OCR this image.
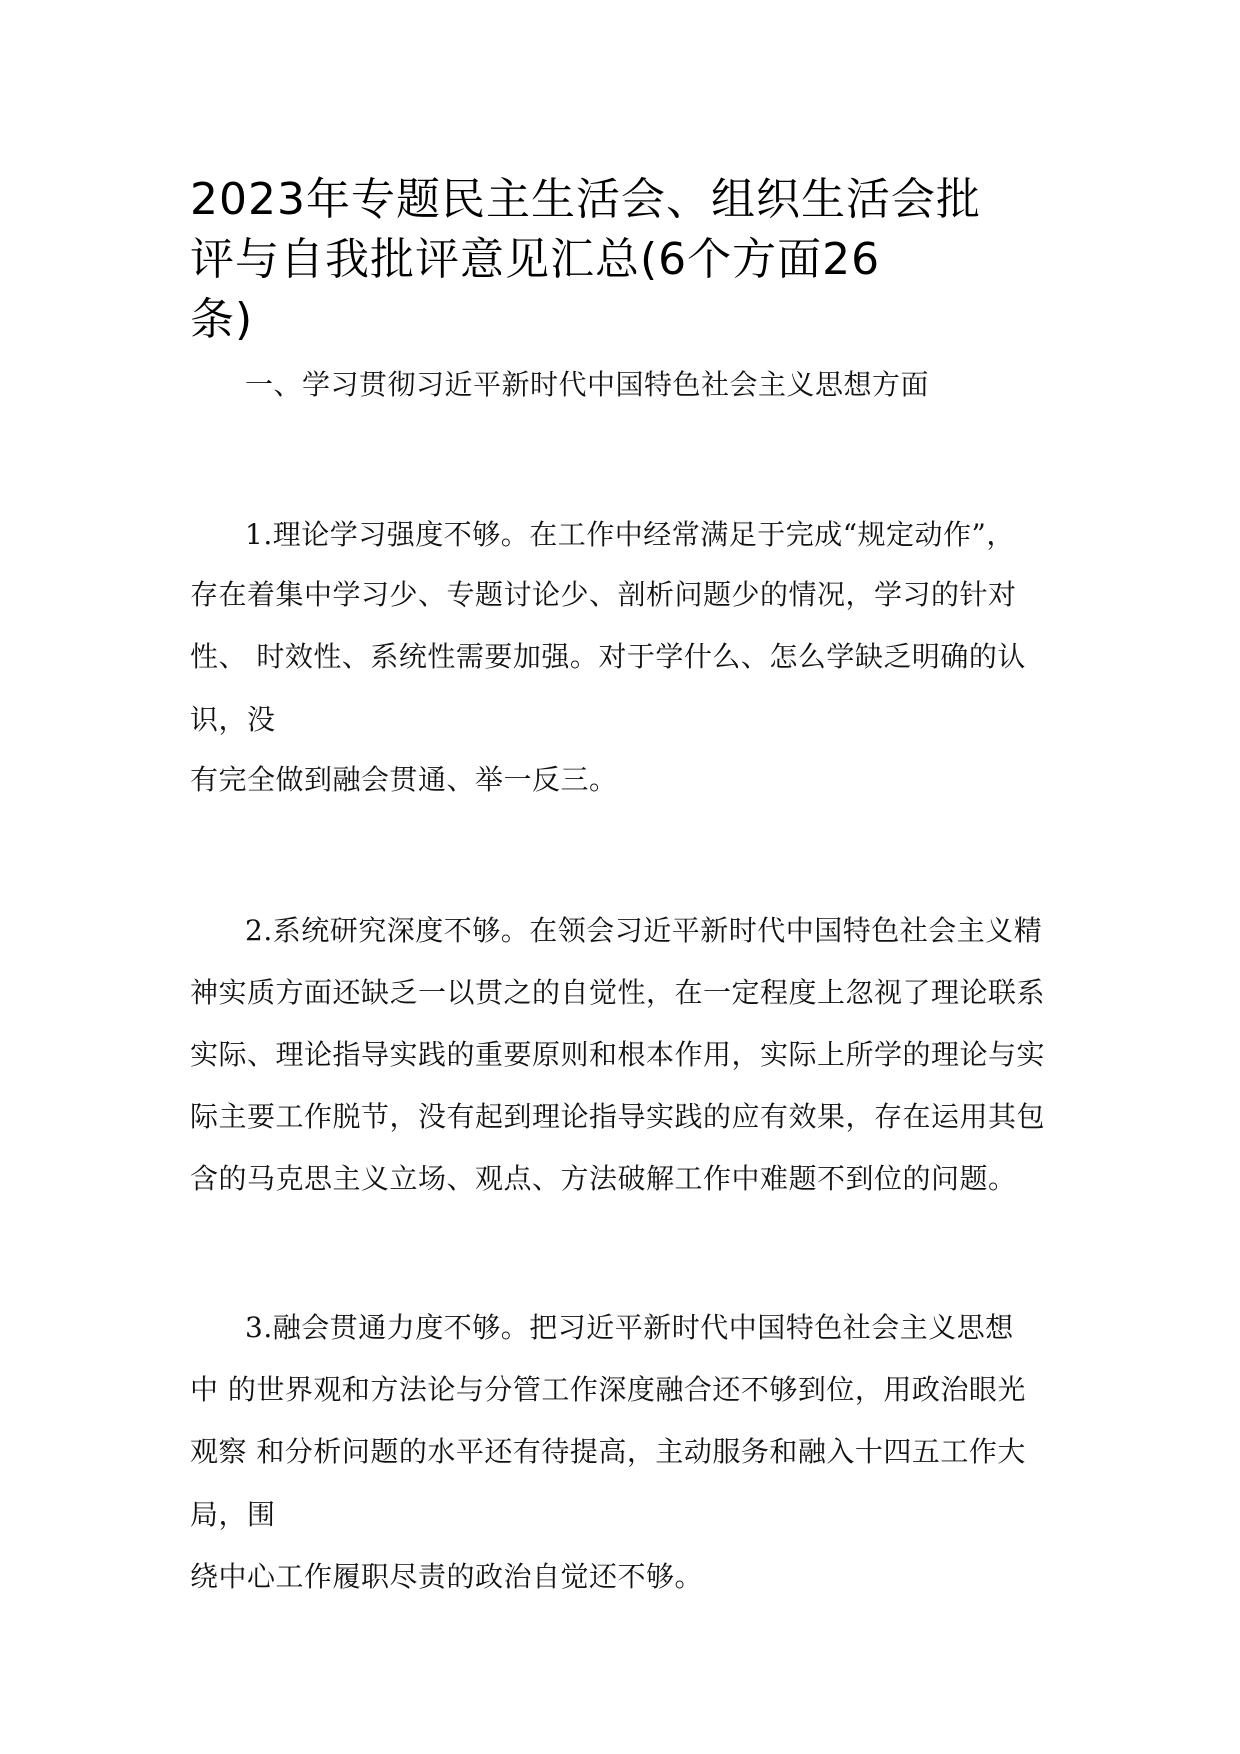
2023年专题民主生活会、组织生活会批
评与自我批评意见汇总(6个方面26
条)
一、学习贯彻习近平新时代中国特色社会主义思想方面
1.理论学习强度不够。在工作中经常满足于完成“规定动作”，
存在着集中学习少、专题讨论少、剖析问题少的情况，学习的针对
性、 时效性、系统性需要加强。对于学什么、怎么学缺乏明确的认
识，没
有完全做到融会贯通、举一反三。
2.系统研究深度不够。在领会习近平新时代中国特色社会主义精
神实质方面还缺乏一以贯之的自觉性，在一定程度上忽视了理论联系
实际、理论指导实践的重要原则和根本作用，实际上所学的理论与实
际主要工作脱节，没有起到理论指导实践的应有效果，存在运用其包
含的马克思主义立场、观点、方法破解工作中难题不到位的问题。
3.融会贯通力度不够。把习近平新时代中国特色社会主义思想
中 的世界观和方法论与分管工作深度融合还不够到位，用政治眼光
观察 和分析问题的水平还有待提高，主动服务和融入十四五工作大
局，围
绕中心工作履职尽责的政治自觉还不够。
